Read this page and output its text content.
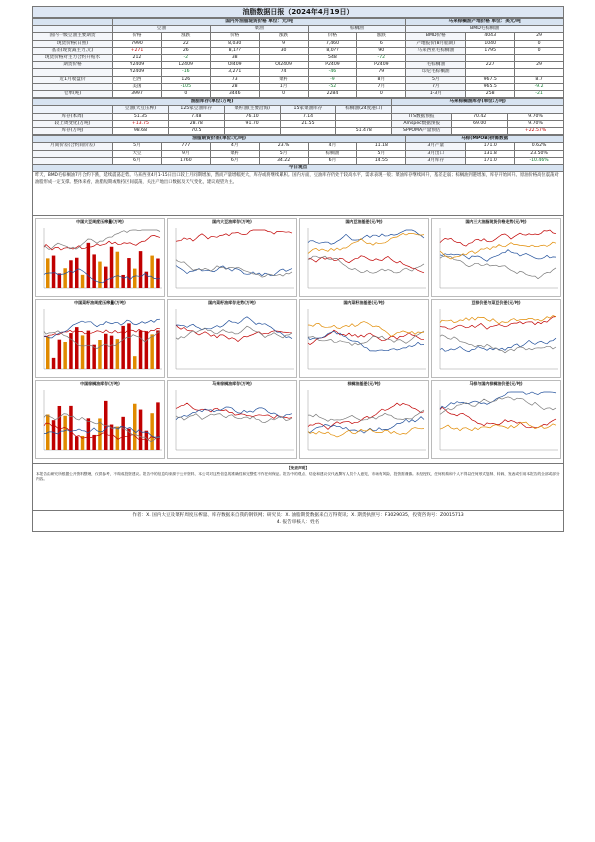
油脂数据日报（2024年4月19日）
	国内外油脂现货价格 单位：元/吨						马来棕榈油产地价格 单位：美元/吨		
	豆油		菜油		棕榈油		BMD毛棕榈油		
国内一级豆油主要期货	价格	涨跌	价格	涨跌	价格	涨跌	BMD价格	4043	29
现货价格(日照)	7990	22	8,030	9	7,460	6	产地报价(8月船期)	1040	0
基差(现货减主力,元)	+271	26	8,1??	30	8,0??	90	马来西亚毛棕榈油	1795	0
现货价格对主力合约升贴水	212	-2	38		548	-72			
期货价格	Y2409	L2409	OI409	OI2409	P2409	P2409	毛棕榈油	227	29
	Y2409	-16	3,271	74	-46	79	印尼毛棕榈油		
近1月收盘价	巴西	126	73	菜籽	-9	8月	5月	967.5	8.7
	美国	-105	28	1月	-52	7月	7月	965.5	-9.2
仓单(吨)	3997	0	3446	0	2284	0	1-3月	258	-21
油脂库存(单位:万吨)						马来棕榈油库存(单位:万吨)		
	豆油(大豆压榨)	125家豆油库存	菜籽油(主要沿海)	15家菜油库存	棕榈油(24度港口)			
库存(本周)	51.35	7.48	76.10	7.14		ITS数据预报	70.42	9.70%
较上周变化(万吨)	+13.75	28.78	91.70	21.55		Amspec数据预报	69.00	9.70%
库存(万吨)	98.68	70.5			51.478	SPPOMA产量预估		+22.57%
油脂期货价差(单位:元/吨)							马棕(MPOB)供需数据		
月间价差(合约间价差)	5月	777	4月	23.%	4月	11.18	3月产量	171.0	0.62%
	大豆	9月	菜籽	5月	棕榈油	5月	3月出口	131.8	23.50%
	6月	1760	6月	34.22	6月	14.55	3月库存	171.0	-10.46%
今日观点									
昨天，BMD毛棕榈油7月合约下跌，延续震荡走势。马来西亚4月1-15日出口较上月同期增加，然而产量增幅更大，库存或将继续累积。国内方面，豆油库存仍处于较高水平，需求表现一般；菜油库存继续回升，基差走弱；棕榈油到港增加，库存开始回升。原油价格高位震荡对油脂形成一定支撑。整体来看，油脂短期或维持区间震荡，关注产地出口数据及天气变化，建议观望为主。
中国大豆周度压榨量(万吨)	国内大豆油库存(万吨)	国内豆油基差(元/吨)	国内三大油脂现货价格走势(元/吨)
中国菜籽油周度压榨量(万吨)	国内菜籽油库存走势(万吨)	国内菜籽油基差(元/吨)	豆棕价差与菜豆价差(元/吨)
中国棕榈油库存(万吨)	马来棕榈油库存(万吨)	棕榈油基差(元/吨)	马棕与国内棕榈油价差(元/吨)
【免责声明】
本报告由研究所根据公开资料整理，仅供参考，不构成投资建议。报告中的信息均来源于公开资料，本公司对这些信息的准确性和完整性不作任何保证。报告中的观点、结论和建议仅代表撰写人员个人意见，市场有风险，投资需谨慎。未经授权，任何机构和个人不得以任何形式复制、转载、发表或引用本报告的全部或部分内容。
作者：X. 国内大豆及菜籽周度压榨量、库存数据来自我的钢铁网；研究员：X. 油脂期货数据来自万得资讯；X. 期货执照号：F3029035，投资咨询号：Z0015713
4. 报告审核人：姓名
